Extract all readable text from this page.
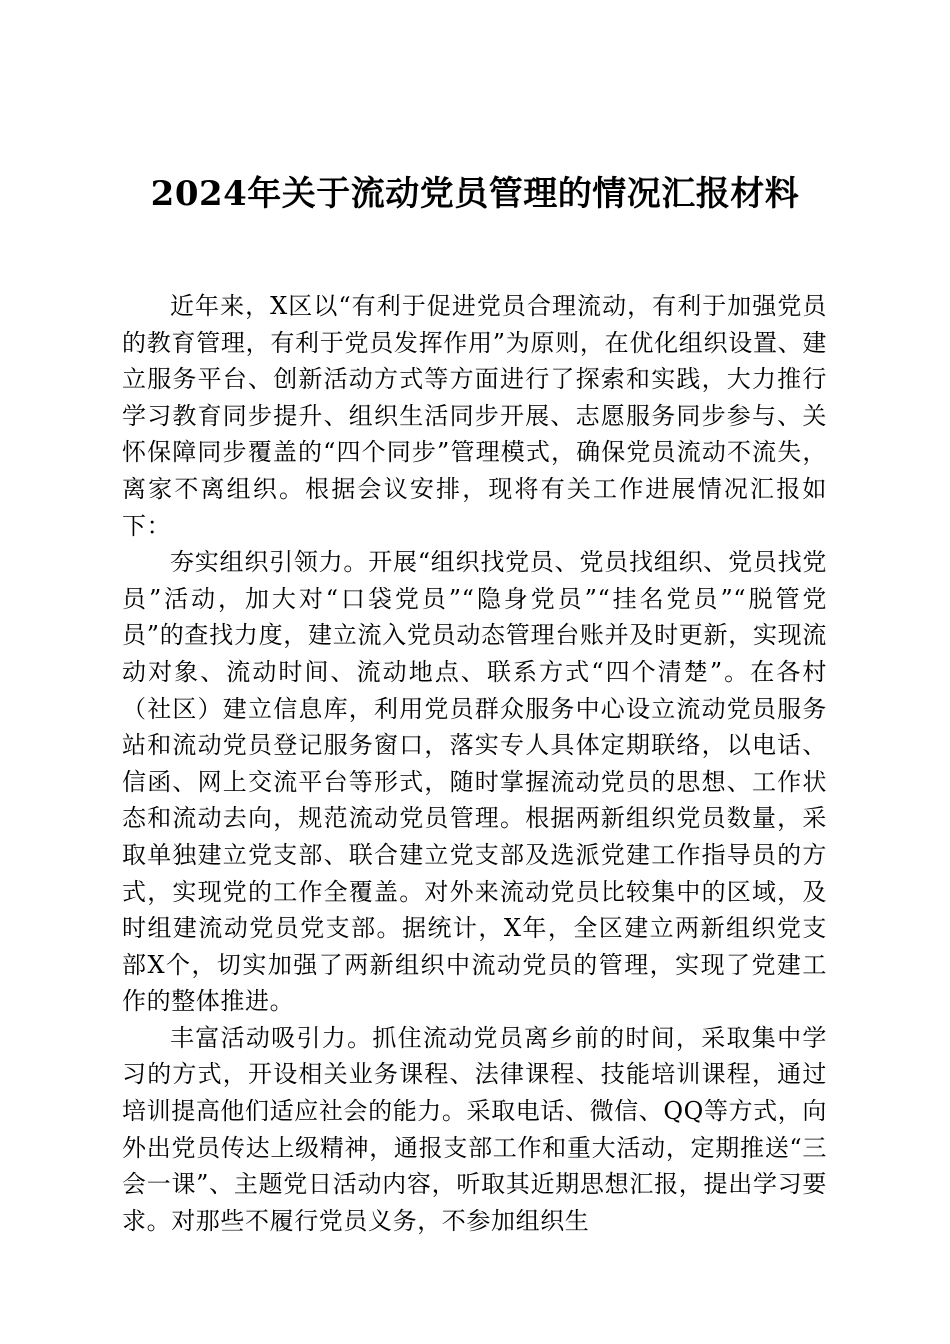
2024年关于流动党员管理的情况汇报材料

近年来，X区以“有利于促进党员合理流动，有利于加强党员的教育管理，有利于党员发挥作用”为原则，在优化组织设置、建立服务平台、创新活动方式等方面进行了探索和实践，大力推行学习教育同步提升、组织生活同步开展、志愿服务同步参与、关怀保障同步覆盖的“四个同步”管理模式，确保党员流动不流失，离家不离组织。根据会议安排，现将有关工作进展情况汇报如下：

夯实组织引领力。开展“组织找党员、党员找组织、党员找党员”活动，加大对“口袋党员”“隐身党员”“挂名党员”“脱管党员”的查找力度，建立流入党员动态管理台账并及时更新，实现流动对象、流动时间、流动地点、联系方式“四个清楚”。在各村（社区）建立信息库，利用党员群众服务中心设立流动党员服务站和流动党员登记服务窗口，落实专人具体定期联络，以电话、信函、网上交流平台等形式，随时掌握流动党员的思想、工作状态和流动去向，规范流动党员管理。根据两新组织党员数量，采取单独建立党支部、联合建立党支部及选派党建工作指导员的方式，实现党的工作全覆盖。对外来流动党员比较集中的区域，及时组建流动党员党支部。据统计，X年，全区建立两新组织党支部X个，切实加强了两新组织中流动党员的管理，实现了党建工作的整体推进。

丰富活动吸引力。抓住流动党员离乡前的时间，采取集中学习的方式，开设相关业务课程、法律课程、技能培训课程，通过培训提高他们适应社会的能力。采取电话、微信、QQ等方式，向外出党员传达上级精神，通报支部工作和重大活动，定期推送“三会一课”、主题党日活动内容，听取其近期思想汇报，提出学习要求。对那些不履行党员义务，不参加组织生
